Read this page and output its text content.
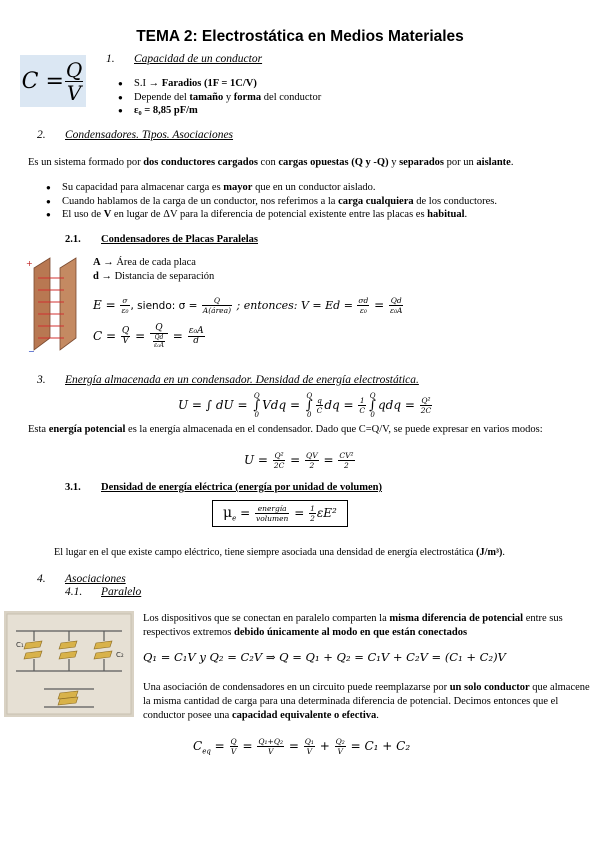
TEMA 2: Electrostática en Medios Materiales
1. Capacidad de un conductor
$C = \frac{Q}{V}$
●	S.I → Faradios (1F = 1C/V)
● Depende del tamaño y forma del conductor
● ε₀ = 8,85 pF/m
2. Condensadores. Tipos. Asociaciones
Es un sistema formado por dos conductores cargados con cargas opuestas (Q y -Q) y separados por un aislante.
● Su capacidad para almacenar carga es mayor que en un conductor aislado.
● Cuando hablamos de la carga de un conductor, nos referimos a la carga cualquiera de los conductores.
● El uso de V en lugar de ΔV para la diferencia de potencial existente entre las placas es habitual.
2.1. Condensadores de Placas Paralelas
+
−
A → Área de cada placa
d → Distancia de separación
$E = \frac{\sigma}{\text{ε₀}}$ , siendo: $\sigma = \frac{Q}{\text{A(área)}}$ ; entonces: $V = Ed = \frac{\sigma d}{\text{ε₀}} = \frac{Qd}{\text{ε₀A}}$
$C = \frac{Q}{V} = Q$
Qd
$\varepsilon_0A = \frac{\text{ε₀A}}{d}$
3. Energía almacenada en un condensador. Densidad de energía electrostática.
U = ∫ dU =
Q
∫
0
Vdq =
Q
∫
$0 \frac{q}{C}$ dq = $\frac{1}{C}$ Q
∫
0
qdq = $\frac{\text{Q²}}{2C}$
Esta energía potencial es la energía almacenada en el condensador. Dado que C=Q/V, se puede expresar en varios modos:
$U = \frac{\text{Q²}}{2C} = \frac{QV}{2} = \frac{\text{CV²}}{2}$
3.1. Densidad de energía eléctrica (energía por unidad de volumen)
$\mu_e = \frac{\text{energía}}{\text{volumen}} = \frac{1}{2} \varepsilon E^2$
El lugar en el que existe campo eléctrico, tiene siempre asociada una densidad de energía electrostática (J/m³).
4. Asociaciones
4.1. Paralelo
C₁
C₂
Los dispositivos que se conectan en paralelo comparten la misma diferencia de potencial entre sus respectivos extremos debido únicamente al modo en que están conectados
Q₁ = C₁V y Q₂ = C₂V ⇒ Q = Q₁ + Q₂ = C₁V + C₂V = (C₁ + C₂)V
Una asociación de condensadores en un circuito puede reemplazarse por un solo conductor que almacene la misma cantidad de carga para una determinada diferencia de potencial. Decimos entonces que el conductor posee una capacidad equivalente o efectiva.
$C_{eq} = \frac{Q}{V} = \frac{\text{Q₁+Q₂}}{V} = \frac{\text{Q₁}}{V} + \frac{\text{Q₂}}{V} = C_1 + C_2$
